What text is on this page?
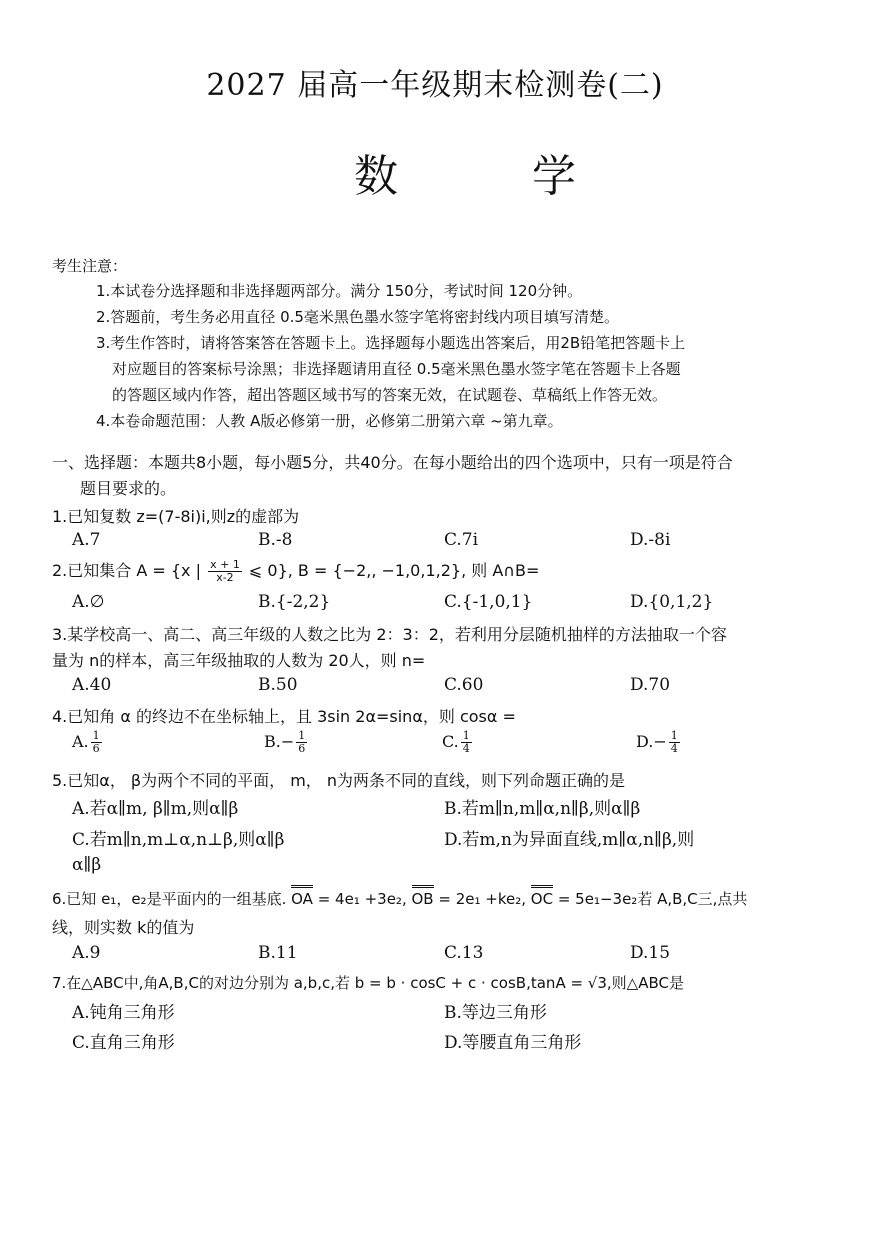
2027 届高一年级期末检测卷(二)
数 学
考生注意：
1.本试卷分选择题和非选择题两部分。满分 150分，考试时间 120分钟。
2.答题前，考生务必用直径 0.5毫米黑色墨水签字笔将密封线内项目填写清楚。
3.考生作答时，请将答案答在答题卡上。选择题每小题选出答案后，用2B铅笔把答题卡上
对应题目的答案标号涂黑；非选择题请用直径 0.5毫米黑色墨水签字笔在答题卡上各题
的答题区域内作答，超出答题区域书写的答案无效，在试题卷、草稿纸上作答无效。
4.本卷命题范围：人教 A版必修第一册，必修第二册第六章 ~第九章。
一、选择题：本题共8小题，每小题5分，共40分。在每小题给出的四个选项中，只有一项是符合
题目要求的。
1.已知复数 z=(7-8i)i,则z的虚部为
A.7	B.-8	C.7i	D.-8i
2.已知集合 A = {x | $\frac{x + 1}{x-2}$ ⩽ 0}, B = {−2,, −1,0,1,2}, 则 A∩B=
A.∅	B.{-2,2}	C.{-1,0,1}	D.{0,1,2}
3.某学校高一、高二、高三年级的人数之比为 2：3：2，若利用分层随机抽样的方法抽取一个容
量为 n的样本，高三年级抽取的人数为 20人，则 n=
A.40	B.50	C.60	D.70
4.已知角 α 的终边不在坐标轴上，且 3sin 2α=sinα，则 cosα =
A. $\frac{1}{6}$	$B.- \frac{1}{6}$	C. $\frac{1}{4}$	$D.- \frac{1}{4}$
5.已知α， β为两个不同的平面， m， n为两条不同的直线，则下列命题正确的是
A.若α∥m, β∥m,则α∥β	B.若m∥n,m∥α,n∥β,则α∥β
C.若m∥n,m⊥α,n⊥β,则α∥β	D.若m,n为异面直线,m∥α,n∥β,则
α∥β
6.已知 e₁，e₂是平面内的一组基底. OA = 4e₁ +3e₂, OB = 2e₁ +ke₂, OC = 5e₁−3e₂若 A,B,C三,点共
线，则实数 k的值为
A.9	B.11	C.13	D.15
7.在△ABC中,角A,B,C的对边分别为 a,b,c,若 b = b · cosC + c · cosB,tanA = √3,则△ABC是
A.钝角三角形	B.等边三角形
C.直角三角形	D.等腰直角三角形
